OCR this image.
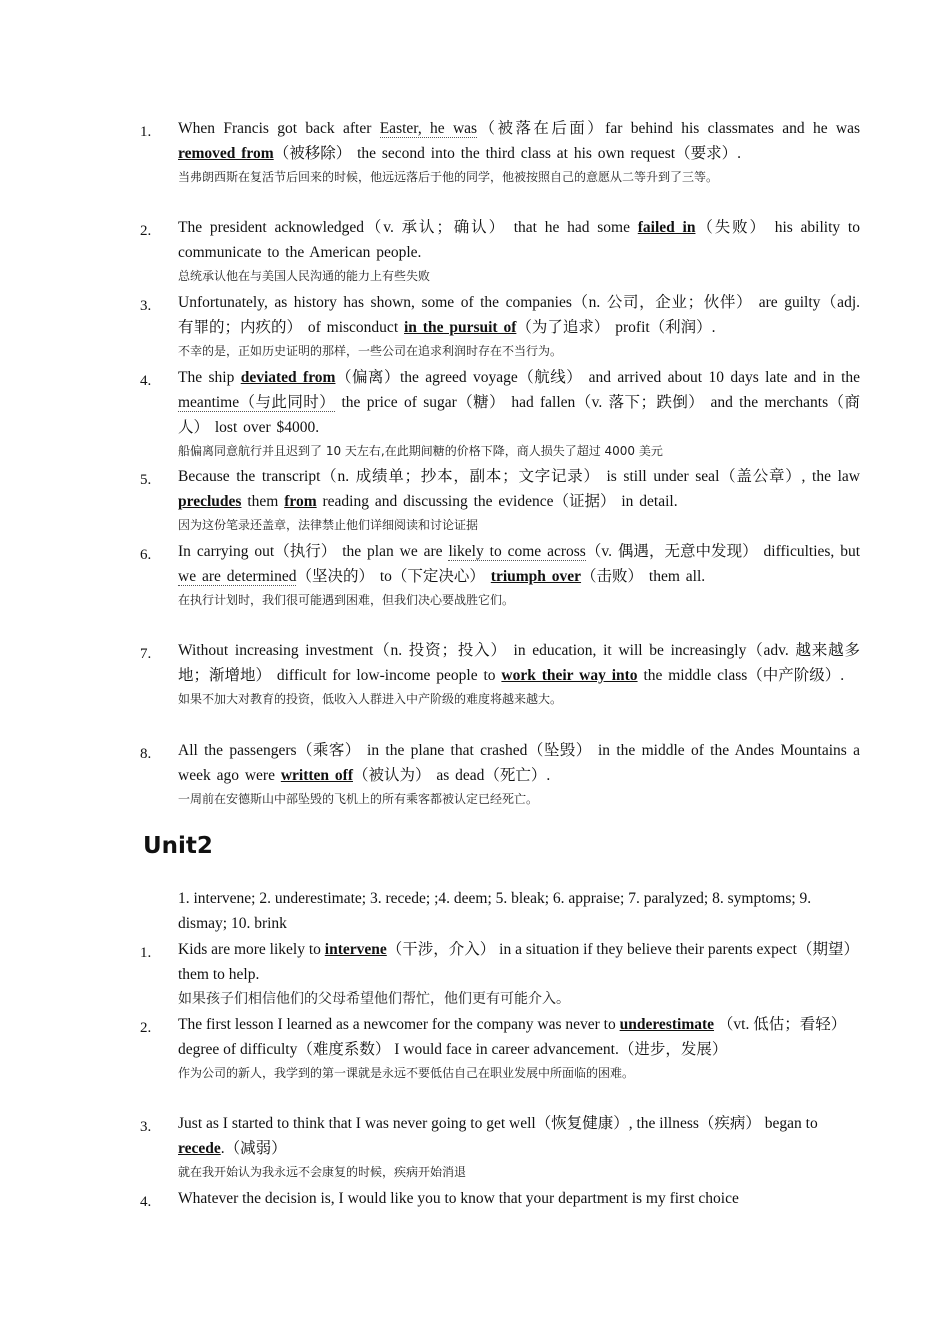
1.	When Francis got back after Easter, he was（被落在后面）far behind his classmates and he was removed from（被移除） the second into the third class at his own request（要求）.
当弗朗西斯在复活节后回来的时候，他远远落后于他的同学，他被按照自己的意愿从二等升到了三等。
2.	The president acknowledged（v. 承认；确认） that he had some failed in（失败） his ability to communicate to the American people.
总统承认他在与美国人民沟通的能力上有些失败
3.	Unfortunately, as history has shown, some of the companies（n. 公司，企业；伙伴） are guilty（adj. 有罪的；内疚的） of misconduct in the pursuit of（为了追求） profit（利润）.
不幸的是，正如历史证明的那样，一些公司在追求利润时存在不当行为。
4.	The ship deviated from（偏离）the agreed voyage（航线） and arrived about 10 days late and in the meantime（与此同时） the price of sugar（糖） had fallen（v. 落下；跌倒） and the merchants（商人） lost over $4000.
船偏离同意航行并且迟到了 10 天左右,在此期间糖的价格下降，商人损失了超过 4000 美元
5.	Because the transcript（n. 成绩单；抄本，副本；文字记录） is still under seal（盖公章）, the law precludes them from reading and discussing the evidence（证据） in detail.
因为这份笔录还盖章，法律禁止他们详细阅读和讨论证据
6.	In carrying out（执行） the plan we are likely to come across（v. 偶遇，无意中发现） difficulties, but we are determined（坚决的） to（下定决心） triumph over（击败） them all.
在执行计划时，我们很可能遇到困难，但我们决心要战胜它们。
7.	Without increasing investment（n. 投资；投入） in education, it will be increasingly（adv. 越来越多地；渐增地） difficult for low-income people to work their way into the middle class（中产阶级）.
如果不加大对教育的投资，低收入人群进入中产阶级的难度将越来越大。
8.	All the passengers（乘客） in the plane that crashed（坠毁） in the middle of the Andes Mountains a week ago were written off（被认为） as dead（死亡）.
一周前在安德斯山中部坠毁的飞机上的所有乘客都被认定已经死亡。
Unit2
1. intervene; 2. underestimate; 3. recede; ;4. deem; 5. bleak; 6. appraise; 7. paralyzed; 8. symptoms; 9. dismay; 10. brink
1.	Kids are more likely to intervene（干涉，介入） in a situation if they believe their parents expect（期望） them to help.
如果孩子们相信他们的父母希望他们帮忙，他们更有可能介入。
2.	The first lesson I learned as a newcomer for the company was never to underestimate （vt. 低估；看轻）degree of difficulty（难度系数） I would face in career advancement.（进步，发展）
作为公司的新人，我学到的第一课就是永远不要低估自己在职业发展中所面临的困难。
3.	Just as I started to think that I was never going to get well（恢复健康）, the illness（疾病） began to recede.（减弱）
就在我开始认为我永远不会康复的时候，疾病开始消退
4.	Whatever the decision is, I would like you to know that your department is my first choice
